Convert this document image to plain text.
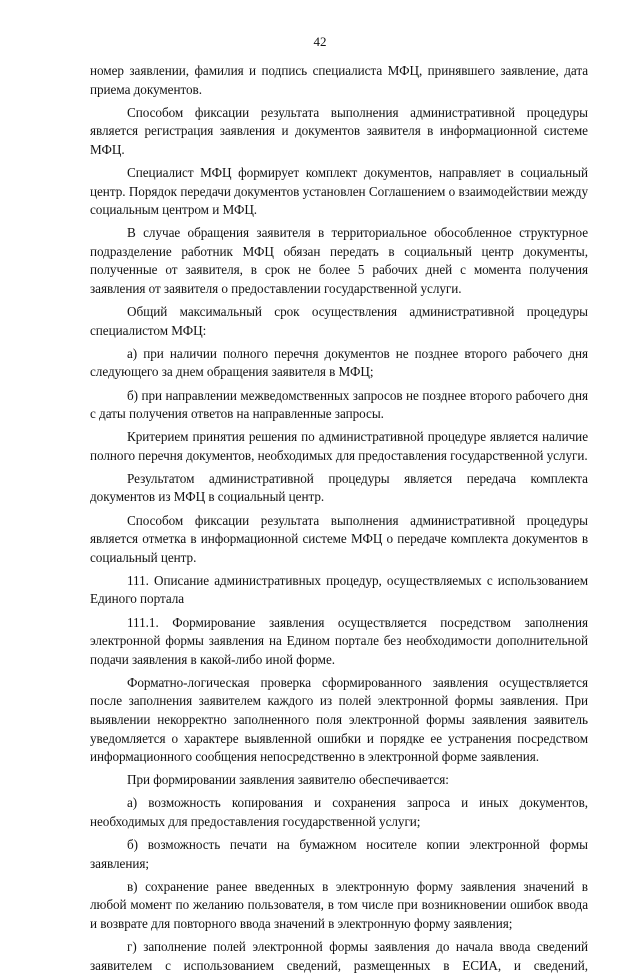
42

номер заявлении, фамилия и подпись специалиста МФЦ, принявшего заявление, дата приема документов.

Способом фиксации результата выполнения административной процедуры является регистрация заявления и документов заявителя в информационной системе МФЦ.

Специалист МФЦ формирует комплект документов, направляет в социальный центр. Порядок передачи документов установлен Соглашением о взаимодействии между социальным центром и МФЦ.

В случае обращения заявителя в территориальное обособленное структурное подразделение работник МФЦ обязан передать в социальный центр документы, полученные от заявителя, в срок не более 5 рабочих дней с момента получения заявления от заявителя о предоставлении государственной услуги.

Общий максимальный срок осуществления административной процедуры специалистом МФЦ:

а) при наличии полного перечня документов не позднее второго рабочего дня следующего за днем обращения заявителя в МФЦ;

б) при направлении межведомственных запросов не позднее второго рабочего дня с даты получения ответов на направленные запросы.

Критерием принятия решения по административной процедуре является наличие полного перечня документов, необходимых для предоставления государственной услуги.

Результатом административной процедуры является передача комплекта документов из МФЦ в социальный центр.

Способом фиксации результата выполнения административной процедуры является отметка в информационной системе МФЦ о передаче комплекта документов в социальный центр.

111. Описание административных процедур, осуществляемых с использованием Единого портала

111.1. Формирование заявления осуществляется посредством заполнения электронной формы заявления на Едином портале без необходимости дополнительной подачи заявления в какой-либо иной форме.

Форматно-логическая проверка сформированного заявления осуществляется после заполнения заявителем каждого из полей электронной формы заявления. При выявлении некорректно заполненного поля электронной формы заявления заявитель уведомляется о характере выявленной ошибки и порядке ее устранения посредством информационного сообщения непосредственно в электронной форме заявления.

При формировании заявления заявителю обеспечивается:

а) возможность копирования и сохранения запроса и иных документов, необходимых для предоставления государственной услуги;

б) возможность печати на бумажном носителе копии электронной формы заявления;

в) сохранение ранее введенных в электронную форму заявления значений в любой момент по желанию пользователя, в том числе при возникновении ошибок ввода и возврате для повторного ввода значений в электронную форму заявления;

г) заполнение полей электронной формы заявления до начала ввода сведений заявителем с использованием сведений, размещенных в ЕСИА, и сведений,
